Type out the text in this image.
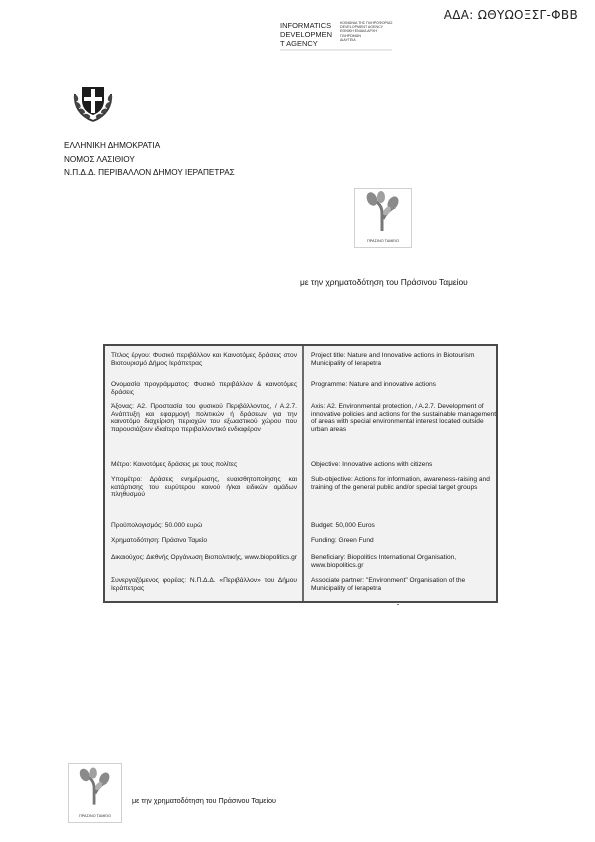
ΑΔΑ: ΩΘΥΩΟΞΣΓ-ΦΒΒ
INFORMATICS
DEVELOPMEN
T AGENCY
ΚΟΙΝΩΝΙΑ ΤΗΣ ΠΛΗΡΟΦΟΡΙΑΣ
DEVELOPMENT AGENCY
ΕΘΝΙΚΗ ΕΝΙΑΙΑ ΑΡΧΗ
ΠΛΗΡΩΜΩΝ
ΔΙΑΥΓΕΙΑ
ΕΛΛΗΝΙΚΗ ΔΗΜΟΚΡΑΤΙΑ
ΝΟΜΟΣ ΛΑΣΙΘΙΟΥ
Ν.Π.Δ.Δ. ΠΕΡΙΒΑΛΛΟΝ ΔΗΜΟΥ ΙΕΡΑΠΕΤΡΑΣ
ΠΡΑΣΙΝΟ ΤΑΜΕΙΟ
με την χρηματοδότηση του Πράσινου Ταμείου
Τίτλος έργου: Φυσικό περιβάλλον και Καινοτόμες δράσεις στον Βιοτουρισμό Δήμος Ιεράπετρας
Ονομασία προγράμματος: Φυσικό περιβάλλον & καινοτόμες δράσεις
Άξονας: Α2. Προστασία του φυσικού Περιβάλλοντος, / Α.2.7. Ανάπτυξη και εφαρμογή πολιτικών ή δράσεων για την καινοτόμο διαχείριση περιοχών του εξωαστικού χώρου που παρουσιάζουν ιδιαίτερο περιβαλλοντικό ενδιαφέρον
Μέτρο: Καινοτόμες δράσεις με τους πολίτες
Υπομέτρο: Δράσεις ενημέρωσης, ευαισθητοποίησης και κατάρτισης του ευρύτερου κοινού ή/και ειδικών ομάδων πληθυσμού
Προϋπολογισμός: 50.000 ευρώ
Χρηματοδότηση: Πράσινο Ταμείο
Δικαιούχος: Διεθνής Οργάνωση Βιοπολιτικής, www.biopolitics.gr
Συνεργαζόμενος φορέας: Ν.Π.Δ.Δ. «Περιβάλλον» του Δήμου Ιεράπετρας
Project title: Nature and Innovative actions in Biotourism Municipality of Ierapetra
Programme: Nature and innovative actions
Axis: A2. Environmental protection, / A.2.7. Development of innovative policies and actions for the sustainable management of areas with special environmental interest located outside urban areas
Objective: Innovative actions with citizens
Sub-objective: Actions for information, awareness-raising and training of the general public and/or special target groups
Budget: 50,000 Euros
Funding: Green Fund
Beneficiary: Biopolitics International Organisation, www.biopolitics.gr
Associate partner: "Environment" Organisation of the Municipality of Ierapetra
ΠΡΑΣΙΝΟ ΤΑΜΕΙΟ
με την χρηματοδότηση του Πράσινου Ταμείου
